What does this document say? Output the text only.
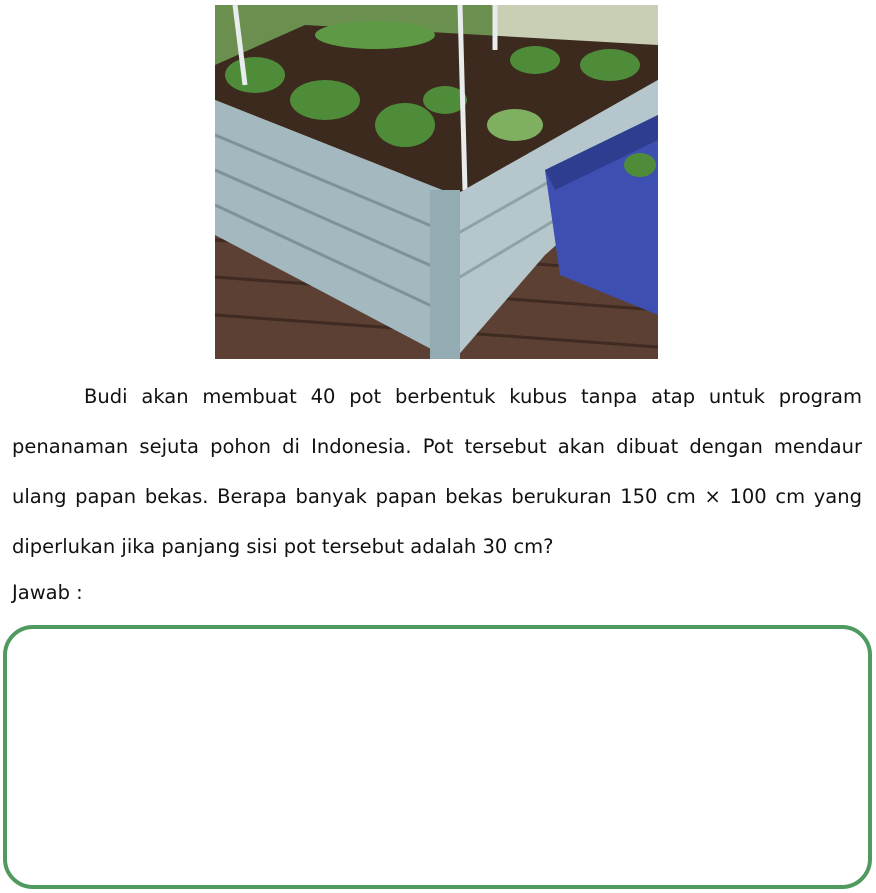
Budi akan membuat 40 pot berbentuk kubus tanpa atap untuk program penanaman sejuta pohon di Indonesia. Pot tersebut akan dibuat dengan mendaur ulang papan bekas. Berapa banyak papan bekas berukuran 150 cm × 100 cm yang diperlukan jika panjang sisi pot tersebut adalah 30 cm?

Jawab :
